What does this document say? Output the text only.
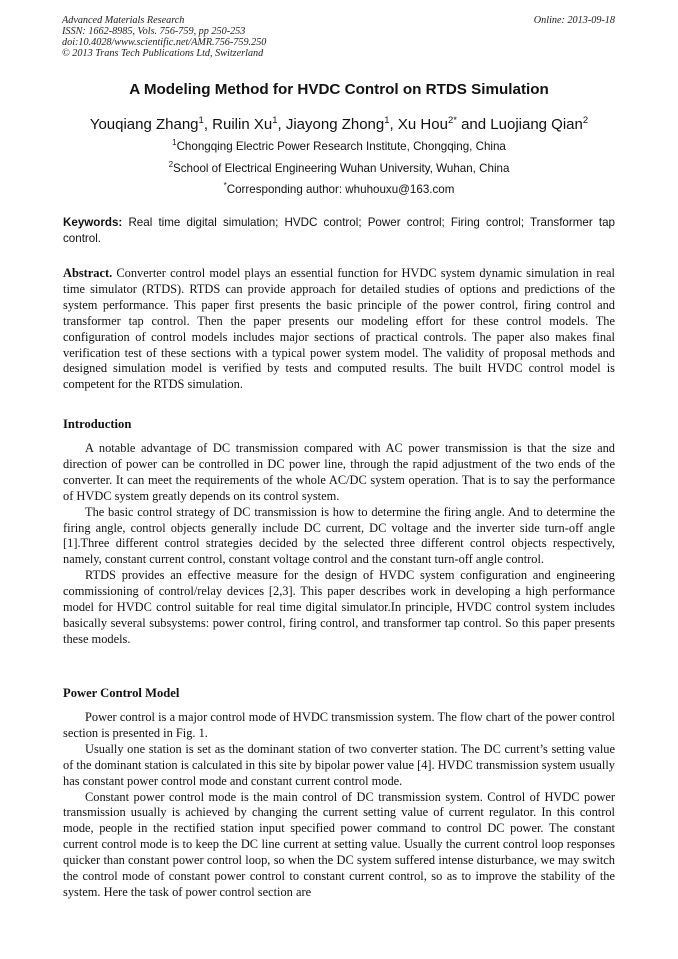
Advanced Materials Research
ISSN: 1662-8985, Vols. 756-759, pp 250-253
doi:10.4028/www.scientific.net/AMR.756-759.250
© 2013 Trans Tech Publications Ltd, Switzerland
Online: 2013-09-18
A Modeling Method for HVDC Control on RTDS Simulation
Youqiang Zhang$^1$, Ruilin Xu$^1$, Jiayong Zhong$^1$, Xu Hou$^{2*}$ and Luojiang Qian$^2$
$^1$Chongqing Electric Power Research Institute, Chongqing, China
$^2$School of Electrical Engineering Wuhan University, Wuhan, China
*Corresponding author: whuhouxu@163.com
Keywords: Real time digital simulation; HVDC control; Power control; Firing control; Transformer tap control.

Abstract. Converter control model plays an essential function for HVDC system dynamic simulation in real time simulator (RTDS). RTDS can provide approach for detailed studies of options and predictions of the system performance. This paper first presents the basic principle of the power control, firing control and transformer tap control. Then the paper presents our modeling effort for these control models. The configuration of control models includes major sections of practical controls. The paper also makes final verification test of these sections with a typical power system model. The validity of proposal methods and designed simulation model is verified by tests and computed results. The built HVDC control model is competent for the RTDS simulation.

Introduction

A notable advantage of DC transmission compared with AC power transmission is that the size and direction of power can be controlled in DC power line, through the rapid adjustment of the two ends of the converter. It can meet the requirements of the whole AC/DC system operation. That is to say the performance of HVDC system greatly depends on its control system.

The basic control strategy of DC transmission is how to determine the firing angle. And to determine the firing angle, control objects generally include DC current, DC voltage and the inverter side turn-off angle [1].Three different control strategies decided by the selected three different control objects respectively, namely, constant current control, constant voltage control and the constant turn-off angle control.

RTDS provides an effective measure for the design of HVDC system configuration and engineering commissioning of control/relay devices [2,3]. This paper describes work in developing a high performance model for HVDC control suitable for real time digital simulator.In principle, HVDC control system includes basically several subsystems: power control, firing control, and transformer tap control. So this paper presents these models.

Power Control Model

Power control is a major control mode of HVDC transmission system. The flow chart of the power control section is presented in Fig. 1.

Usually one station is set as the dominant station of two converter station. The DC current’s setting value of the dominant station is calculated in this site by bipolar power value [4]. HVDC transmission system usually has constant power control mode and constant current control mode.

Constant power control mode is the main control of DC transmission system. Control of HVDC power transmission usually is achieved by changing the current setting value of current regulator. In this control mode, people in the rectified station input specified power command to control DC power. The constant current control mode is to keep the DC line current at setting value. Usually the current control loop responses quicker than constant power control loop, so when the DC system suffered intense disturbance, we may switch the control mode of constant power control to constant current control, so as to improve the stability of the system. Here the task of power control section are
